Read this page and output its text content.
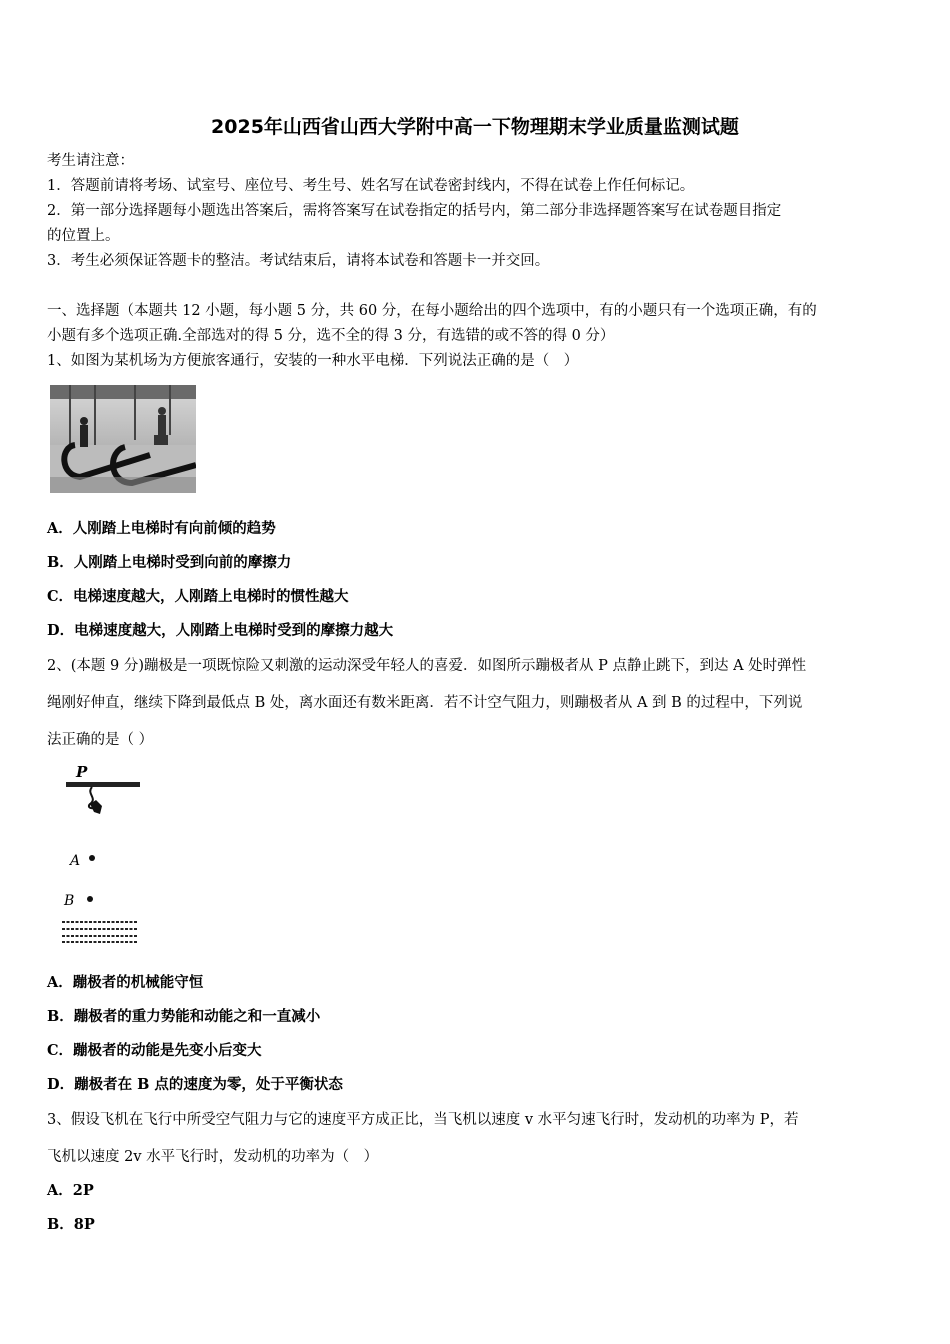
2025年山西省山西大学附中高一下物理期末学业质量监测试题
考生请注意：
1．答题前请将考场、试室号、座位号、考生号、姓名写在试卷密封线内，不得在试卷上作任何标记。
2．第一部分选择题每小题选出答案后，需将答案写在试卷指定的括号内，第二部分非选择题答案写在试卷题目指定
的位置上。
3．考生必须保证答题卡的整洁。考试结束后，请将本试卷和答题卡一并交回。
一、选择题（本题共 12 小题，每小题 5 分，共 60 分，在每小题给出的四个选项中，有的小题只有一个选项正确，有的
小题有多个选项正确.全部选对的得 5 分，选不全的得 3 分，有选错的或不答的得 0 分）
1、如图为某机场为方便旅客通行，安装的一种水平电梯．下列说法正确的是（　）
A．人刚踏上电梯时有向前倾的趋势
B．人刚踏上电梯时受到向前的摩擦力
C．电梯速度越大，人刚踏上电梯时的惯性越大
D．电梯速度越大，人刚踏上电梯时受到的摩擦力越大
2、(本题 9 分)蹦极是一项既惊险又刺激的运动深受年轻人的喜爱．如图所示蹦极者从 P 点静止跳下，到达 A 处时弹性
绳刚好伸直，继续下降到最低点 B 处，离水面还有数米距离．若不计空气阻力，则蹦极者从 A 到 B 的过程中，下列说
法正确的是（ ）
P
A
B
A．蹦极者的机械能守恒
B．蹦极者的重力势能和动能之和一直减小
C．蹦极者的动能是先变小后变大
D．蹦极者在 B 点的速度为零，处于平衡状态
3、假设飞机在飞行中所受空气阻力与它的速度平方成正比，当飞机以速度 v 水平匀速飞行时，发动机的功率为 P，若
飞机以速度 2v 水平飞行时，发动机的功率为（　）
A．2P
B．8P
